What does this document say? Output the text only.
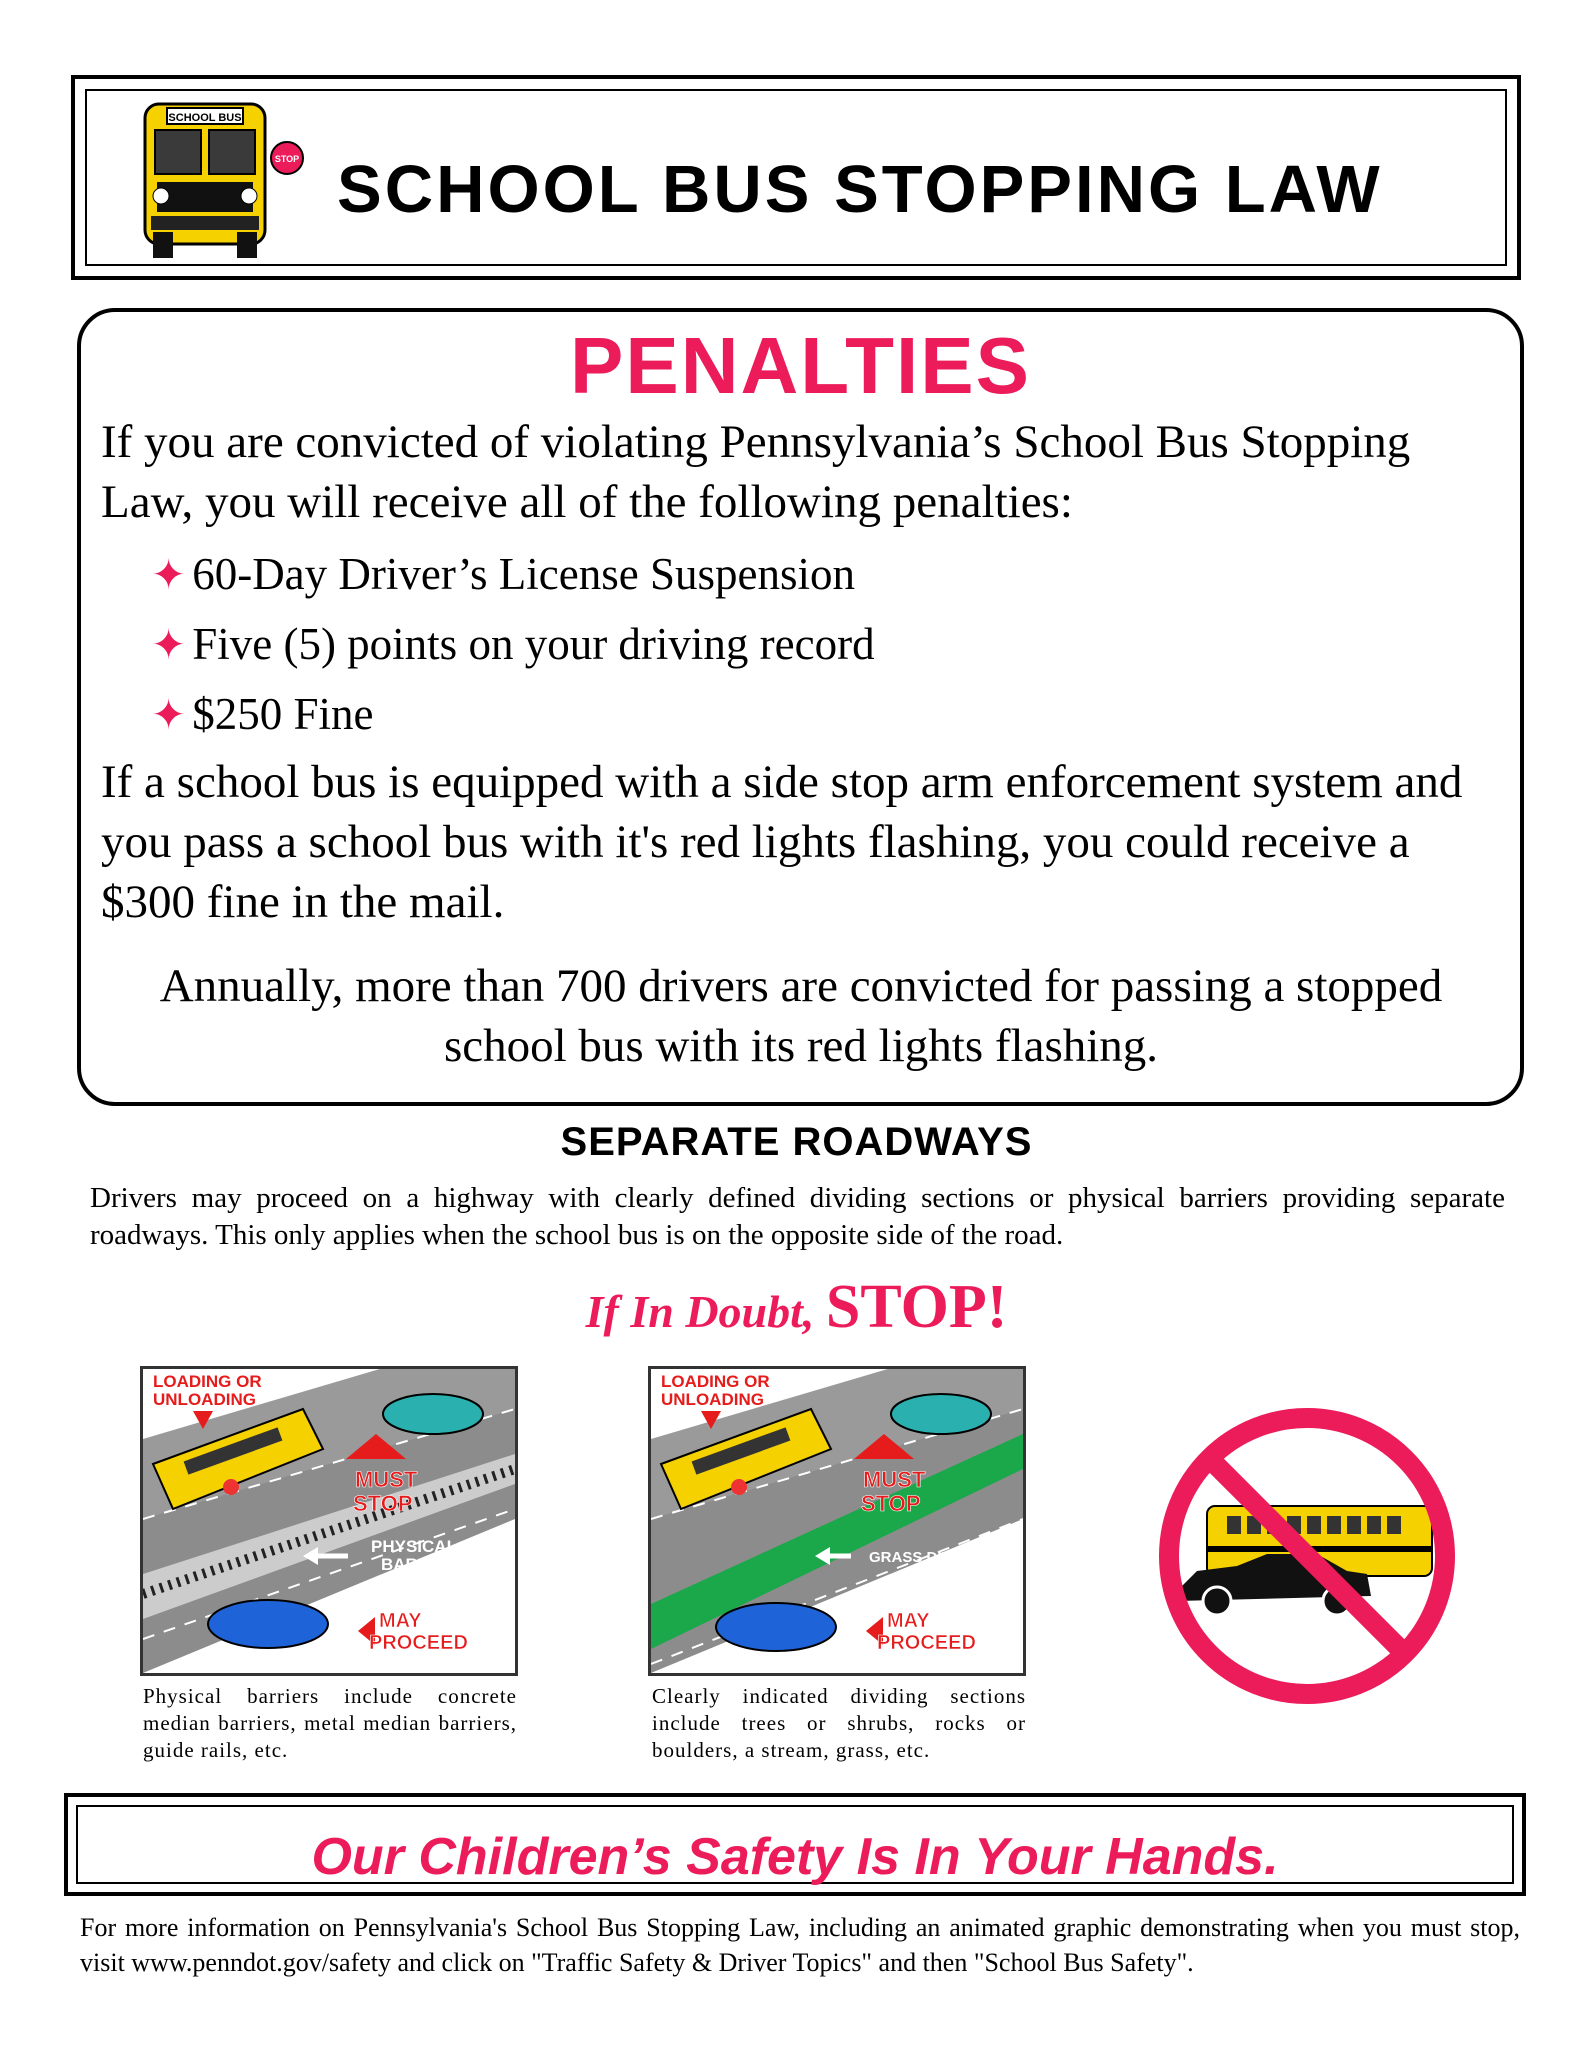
SCHOOL BUS
STOP SCHOOL BUS STOPPING LAW
PENALTIES
If you are convicted of violating Pennsylvania’s School Bus Stopping Law, you will receive all of the following penalties:
✦ 60-Day Driver’s License Suspension
✦ Five (5) points on your driving record
✦ $250 Fine
If a school bus is equipped with a side stop arm enforcement system and you pass a school bus with it's red lights flashing, you could receive a $300 fine in the mail.
Annually, more than 700 drivers are convicted for passing a stopped school bus with its red lights flashing.
SEPARATE ROADWAYS
Drivers may proceed on a highway with clearly defined dividing sections or physical barriers providing separate roadways. This only applies when the school bus is on the opposite side of the road.
If In Doubt, STOP!
LOADING OR
UNLOADING
MUST
STOP
PHYSICAL
BARRIER
MAY
PROCEED
Physical barriers include concrete median barriers, metal median barriers, guide rails, etc.
LOADING OR
UNLOADING
MUST
STOP
GRASS DIVIDER
MAY
PROCEED
Clearly indicated dividing sections include trees or shrubs, rocks or boulders, a stream, grass, etc.
Our Children’s Safety Is In Your Hands.
For more information on Pennsylvania's School Bus Stopping Law, including an animated graphic demonstrating when you must stop, visit www.penndot.gov/safety and click on "Traffic Safety & Driver Topics" and then "School Bus Safety".
